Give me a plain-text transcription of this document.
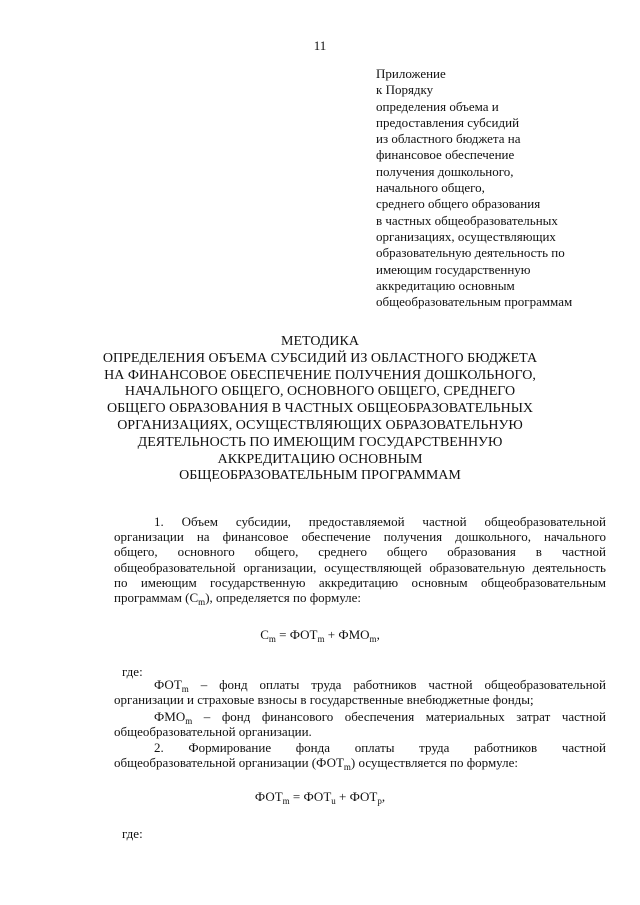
11
Приложение
к Порядку
определения объема и
предоставления субсидий
из областного бюджета на
финансовое обеспечение
получения дошкольного,
начального общего,
среднего общего образования
в частных общеобразовательных
организациях, осуществляющих
образовательную деятельность по
имеющим государственную
аккредитацию основным
общеобразовательным программам
МЕТОДИКА
ОПРЕДЕЛЕНИЯ ОБЪЕМА СУБСИДИЙ ИЗ ОБЛАСТНОГО БЮДЖЕТА
НА ФИНАНСОВОЕ ОБЕСПЕЧЕНИЕ ПОЛУЧЕНИЯ ДОШКОЛЬНОГО,
НАЧАЛЬНОГО ОБЩЕГО, ОСНОВНОГО ОБЩЕГО, СРЕДНЕГО
ОБЩЕГО ОБРАЗОВАНИЯ В ЧАСТНЫХ ОБЩЕОБРАЗОВАТЕЛЬНЫХ
ОРГАНИЗАЦИЯХ, ОСУЩЕСТВЛЯЮЩИХ ОБРАЗОВАТЕЛЬНУЮ
ДЕЯТЕЛЬНОСТЬ ПО ИМЕЮЩИМ ГОСУДАРСТВЕННУЮ
АККРЕДИТАЦИЮ ОСНОВНЫМ
ОБЩЕОБРАЗОВАТЕЛЬНЫМ ПРОГРАММАМ
1. Объем субсидии, предоставляемой частной общеобразовательной
организации на финансовое обеспечение получения дошкольного, начального
общего, основного общего, среднего общего образования в частной
общеобразовательной организации, осуществляющей образовательную деятельность
по имеющим государственную аккредитацию основным общеобразовательным
программам $(C_m)$, определяется по формуле:
$C_m = ФОТ_m + ФМО_m$,
где:
$ФОТ_m$ – фонд оплаты труда работников частной общеобразовательной
организации и страховые взносы в государственные внебюджетные фонды;
$ФМО_m$ – фонд финансового обеспечения материальных затрат частной
общеобразовательной организации.
2. Формирование фонда оплаты труда работников частной
общеобразовательной организации $(ФОТ_m)$ осуществляется по формуле:
$ФОТ_m = ФОТ_u + ФОТ_p$,
где:
